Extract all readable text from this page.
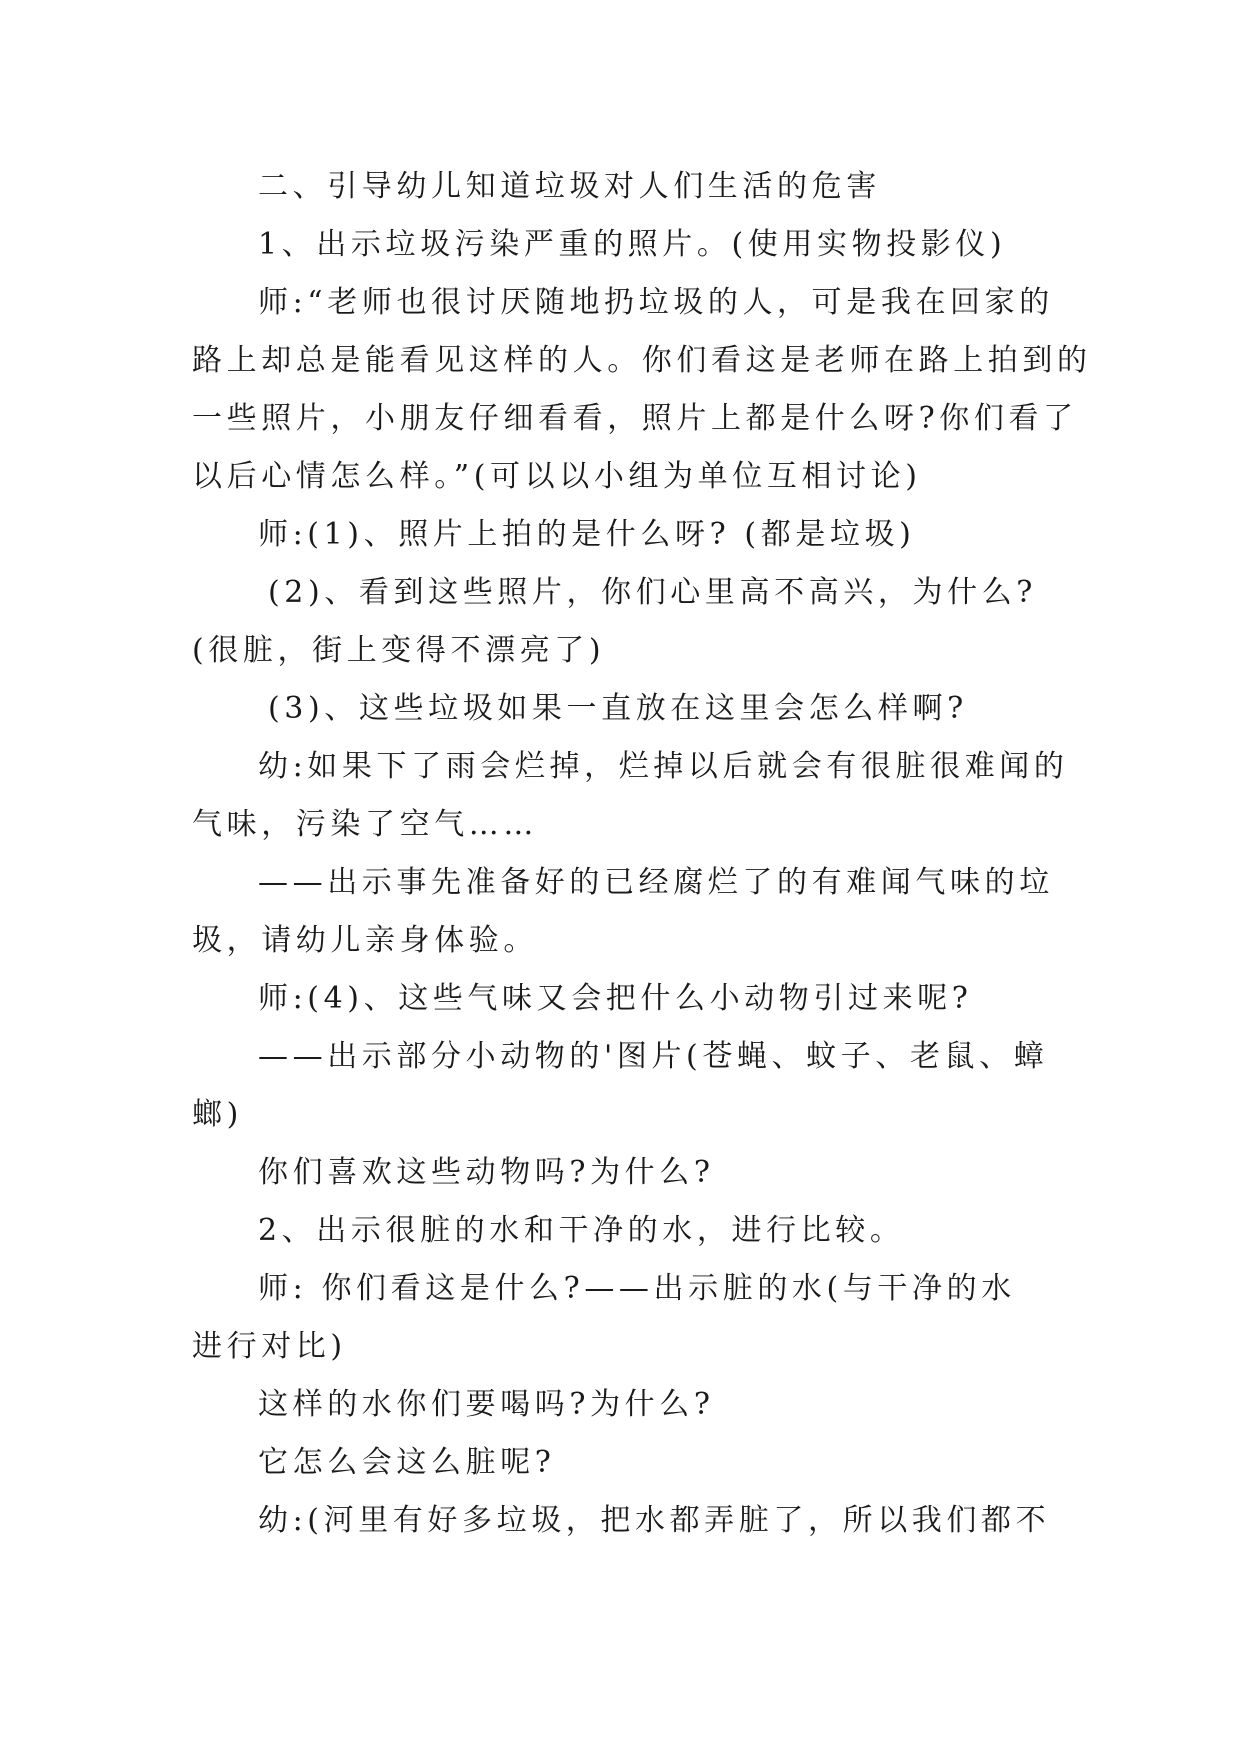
二、引导幼儿知道垃圾对人们生活的危害
1、出示垃圾污染严重的照片。(使用实物投影仪)
师:“老师也很讨厌随地扔垃圾的人，可是我在回家的
路上却总是能看见这样的人。你们看这是老师在路上拍到的
一些照片，小朋友仔细看看，照片上都是什么呀?你们看了
以后心情怎么样。”(可以以小组为单位互相讨论)
师:(1)、照片上拍的是什么呀? (都是垃圾)
(2)、看到这些照片，你们心里高不高兴，为什么?
(很脏，街上变得不漂亮了)
(3)、这些垃圾如果一直放在这里会怎么样啊?
幼:如果下了雨会烂掉，烂掉以后就会有很脏很难闻的
气味，污染了空气……
——出示事先准备好的已经腐烂了的有难闻气味的垃
圾，请幼儿亲身体验。
师:(4)、这些气味又会把什么小动物引过来呢?
——出示部分小动物的'图片(苍蝇、蚊子、老鼠、蟑
螂)
你们喜欢这些动物吗?为什么?
2、出示很脏的水和干净的水，进行比较。
师: 你们看这是什么?——出示脏的水(与干净的水
进行对比)
这样的水你们要喝吗?为什么?
它怎么会这么脏呢?
幼:(河里有好多垃圾，把水都弄脏了，所以我们都不
